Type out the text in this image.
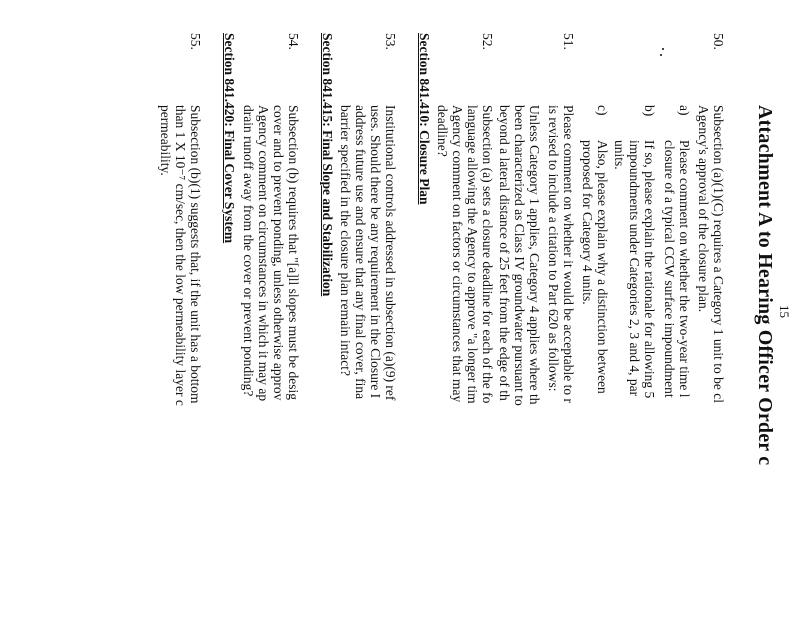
15
Attachment A to Hearing Officer Order c
50.
Subsection (a)(1)(C) requires a Category 1 unit to be cl
Agency's approval of the closure plan.
a)
Please comment on whether the two-year time l
closure of a typical CCW surface impoundment
b)
If so, please explain the rationale for allowing 5
impoundments under Categories 2, 3 and 4, par
units.
c)
Also, please explain why a distinction between
proposed for Category 4 units.
51.
Please comment on whether it would be acceptable to r
is revised to include a citation to Part 620 as follows:
Unless Category 1 applies, Category 4 applies where th
been characterized as Class IV groundwater pursuant to
beyond a lateral distance of 25 feet from the edge of th
52.
Subsection (a) sets a closure deadline for each of the fo
language allowing the Agency to approve "a longer tim
Agency comment on factors or circumstances that may
deadline?
Section 841.410: Closure Plan
53.
Institutional controls addressed in subsection (a)(9) ref
uses. Should there be any requirement in the Closure I
address future use and ensure that any final cover, fina
barrier specified in the closure plan remain intact?
Section 841.415: Final Slope and Stabilization
54.
Subsection (b) requires that "[a]ll slopes must be desig
cover and to prevent ponding, unless otherwise approv
Agency comment on circumstances in which it may ap
drain runoff away from the cover or prevent ponding?
Section 841.420: Final Cover System
55.
Subsection (b)(1) suggests that, if the unit has a bottom
than 1 X 10⁻⁷ cm/sec, then the low permeability layer c
permeability.
